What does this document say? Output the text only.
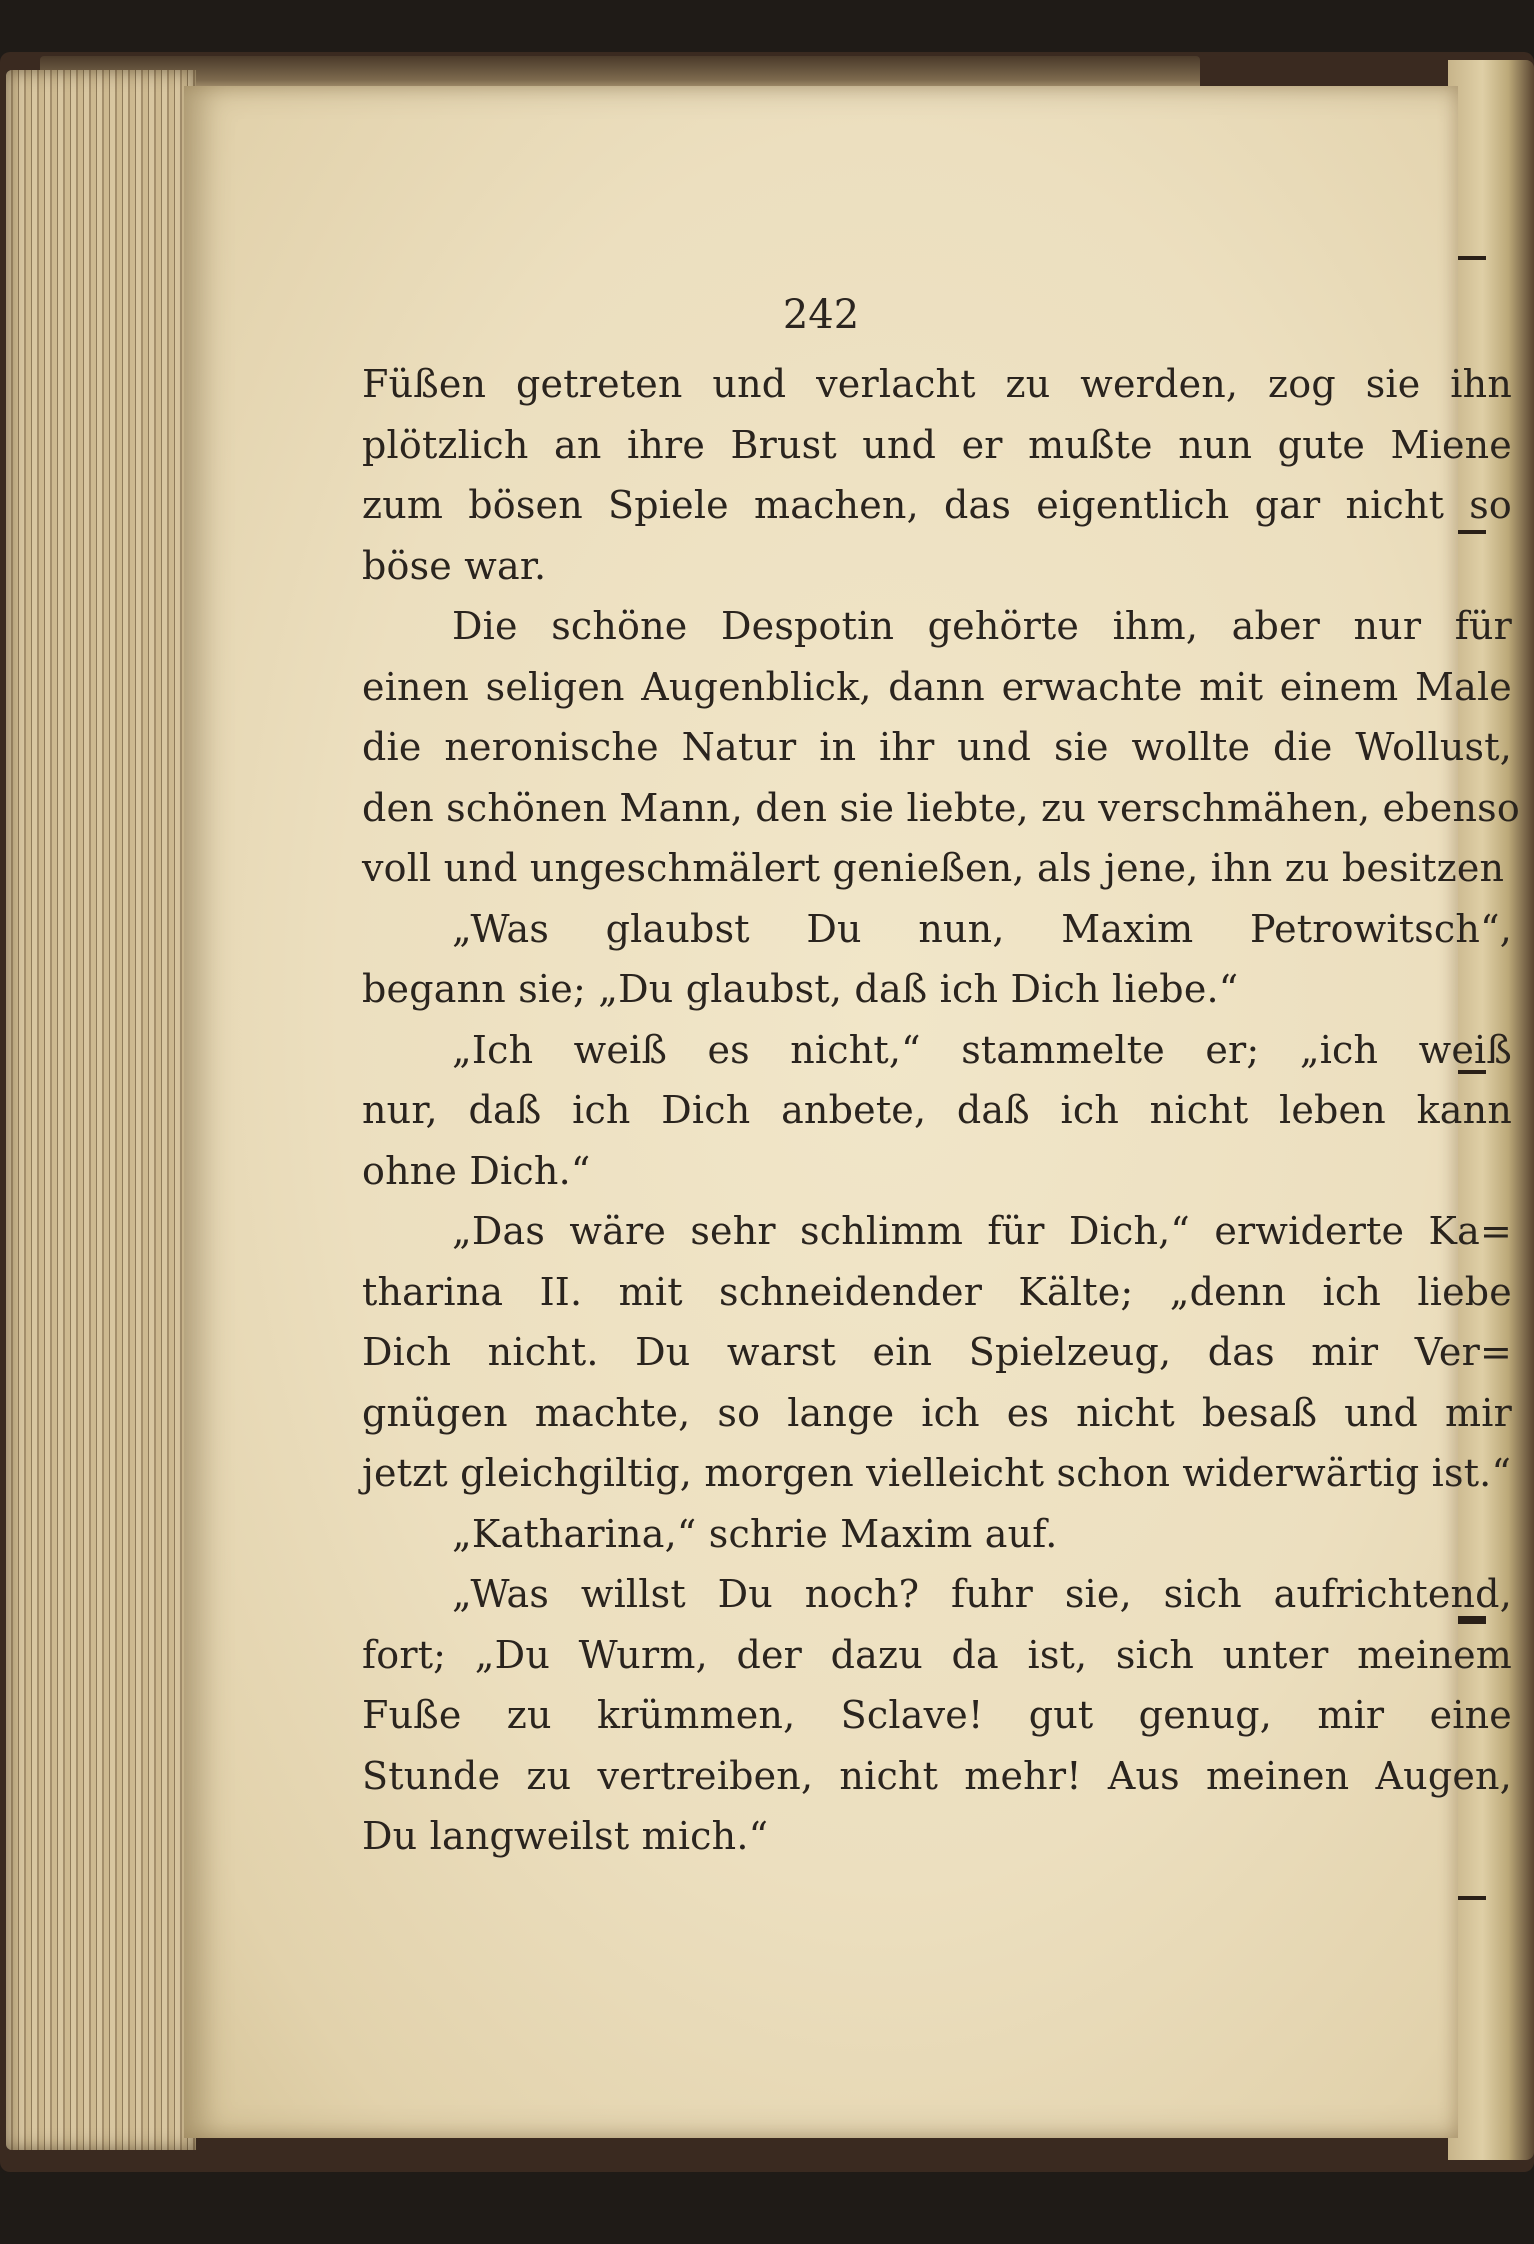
242

Füßen getreten und verlacht zu werden, zog sie ihn

plötzlich an ihre Brust und er mußte nun gute Miene

zum bösen Spiele machen, das eigentlich gar nicht so

böse war.

Die schöne Despotin gehörte ihm, aber nur für

einen seligen Augenblick, dann erwachte mit einem Male

die neronische Natur in ihr und sie wollte die Wollust,

den schönen Mann, den sie liebte, zu verschmähen, ebenso

voll und ungeschmälert genießen, als jene, ihn zu besitzen

„Was glaubst Du nun, Maxim Petrowitsch“,

begann sie; „Du glaubst, daß ich Dich liebe.“

„Ich weiß es nicht,“ stammelte er; „ich weiß

nur, daß ich Dich anbete, daß ich nicht leben kann

ohne Dich.“

„Das wäre sehr schlimm für Dich,“ erwiderte Ka=

tharina II. mit schneidender Kälte; „denn ich liebe

Dich nicht. Du warst ein Spielzeug, das mir Ver=

gnügen machte, so lange ich es nicht besaß und mir

jetzt gleichgiltig, morgen vielleicht schon widerwärtig ist.“

„Katharina,“ schrie Maxim auf.

„Was willst Du noch? fuhr sie, sich aufrichtend,

fort; „Du Wurm, der dazu da ist, sich unter meinem

Fuße zu krümmen, Sclave! gut genug, mir eine

Stunde zu vertreiben, nicht mehr! Aus meinen Augen,

Du langweilst mich.“
